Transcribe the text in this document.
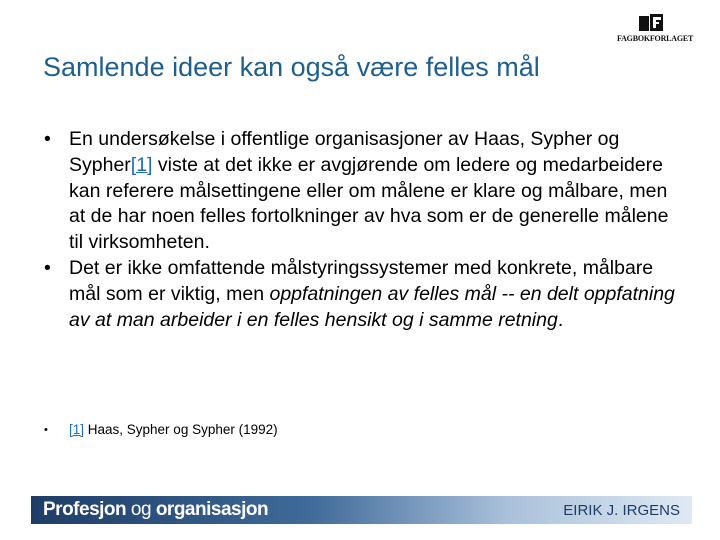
FAGBOKFORLAGET
Samlende ideer kan også være felles mål
• En undersøkelse i offentlige organisasjoner av Haas, Sypher og Sypher[1] viste at det ikke er avgjørende om ledere og medarbeidere kan referere målsettingene eller om målene er klare og målbare, men at de har noen felles fortolkninger av hva som er de generelle målene til virksomheten.
• Det er ikke omfattende målstyringssystemer med konkrete, målbare mål som er viktig, men oppfatningen av felles mål -- en delt oppfatning av at man arbeider i en felles hensikt og i samme retning.
• [1] Haas, Sypher og Sypher (1992)
Profesjon og organisasjon	EIRIK J. IRGENS
